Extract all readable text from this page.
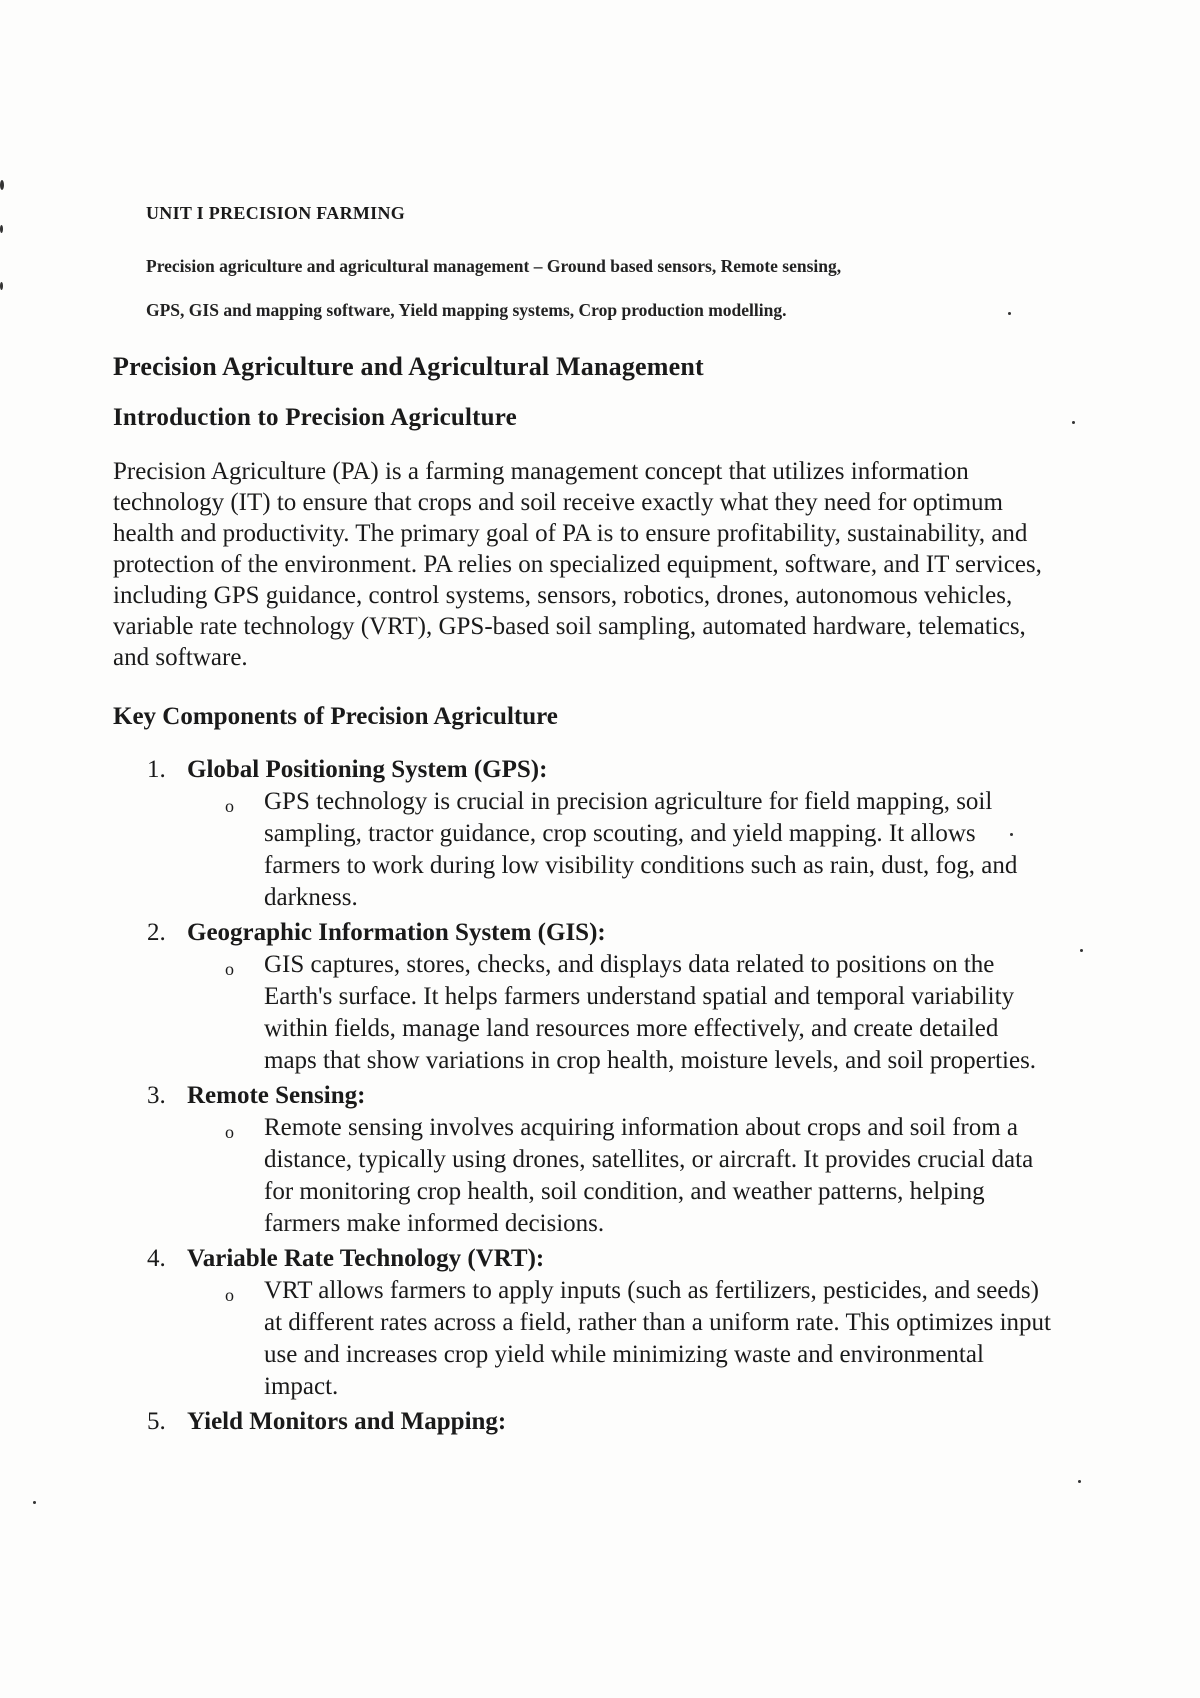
UNIT I PRECISION FARMING

Precision agriculture and agricultural management – Ground based sensors, Remote sensing,

GPS, GIS and mapping software, Yield mapping systems, Crop production modelling.

Precision Agriculture and Agricultural Management
Introduction to Precision Agriculture

Precision Agriculture (PA) is a farming management concept that utilizes information technology (IT) to ensure that crops and soil receive exactly what they need for optimum health and productivity. The primary goal of PA is to ensure profitability, sustainability, and protection of the environment. PA relies on specialized equipment, software, and IT services, including GPS guidance, control systems, sensors, robotics, drones, autonomous vehicles, variable rate technology (VRT), GPS-based soil sampling, automated hardware, telematics, and software.

Key Components of Precision Agriculture

Global Positioning System (GPS):

o GPS technology is crucial in precision agriculture for field mapping, soil sampling, tractor guidance, crop scouting, and yield mapping. It allows farmers to work during low visibility conditions such as rain, dust, fog, and darkness.

Geographic Information System (GIS):

o GIS captures, stores, checks, and displays data related to positions on the Earth's surface. It helps farmers understand spatial and temporal variability within fields, manage land resources more effectively, and create detailed maps that show variations in crop health, moisture levels, and soil properties.

Remote Sensing:

o Remote sensing involves acquiring information about crops and soil from a distance, typically using drones, satellites, or aircraft. It provides crucial data for monitoring crop health, soil condition, and weather patterns, helping farmers make informed decisions.

Variable Rate Technology (VRT):

o VRT allows farmers to apply inputs (such as fertilizers, pesticides, and seeds) at different rates across a field, rather than a uniform rate. This optimizes input use and increases crop yield while minimizing waste and environmental impact.

Yield Monitors and Mapping:
